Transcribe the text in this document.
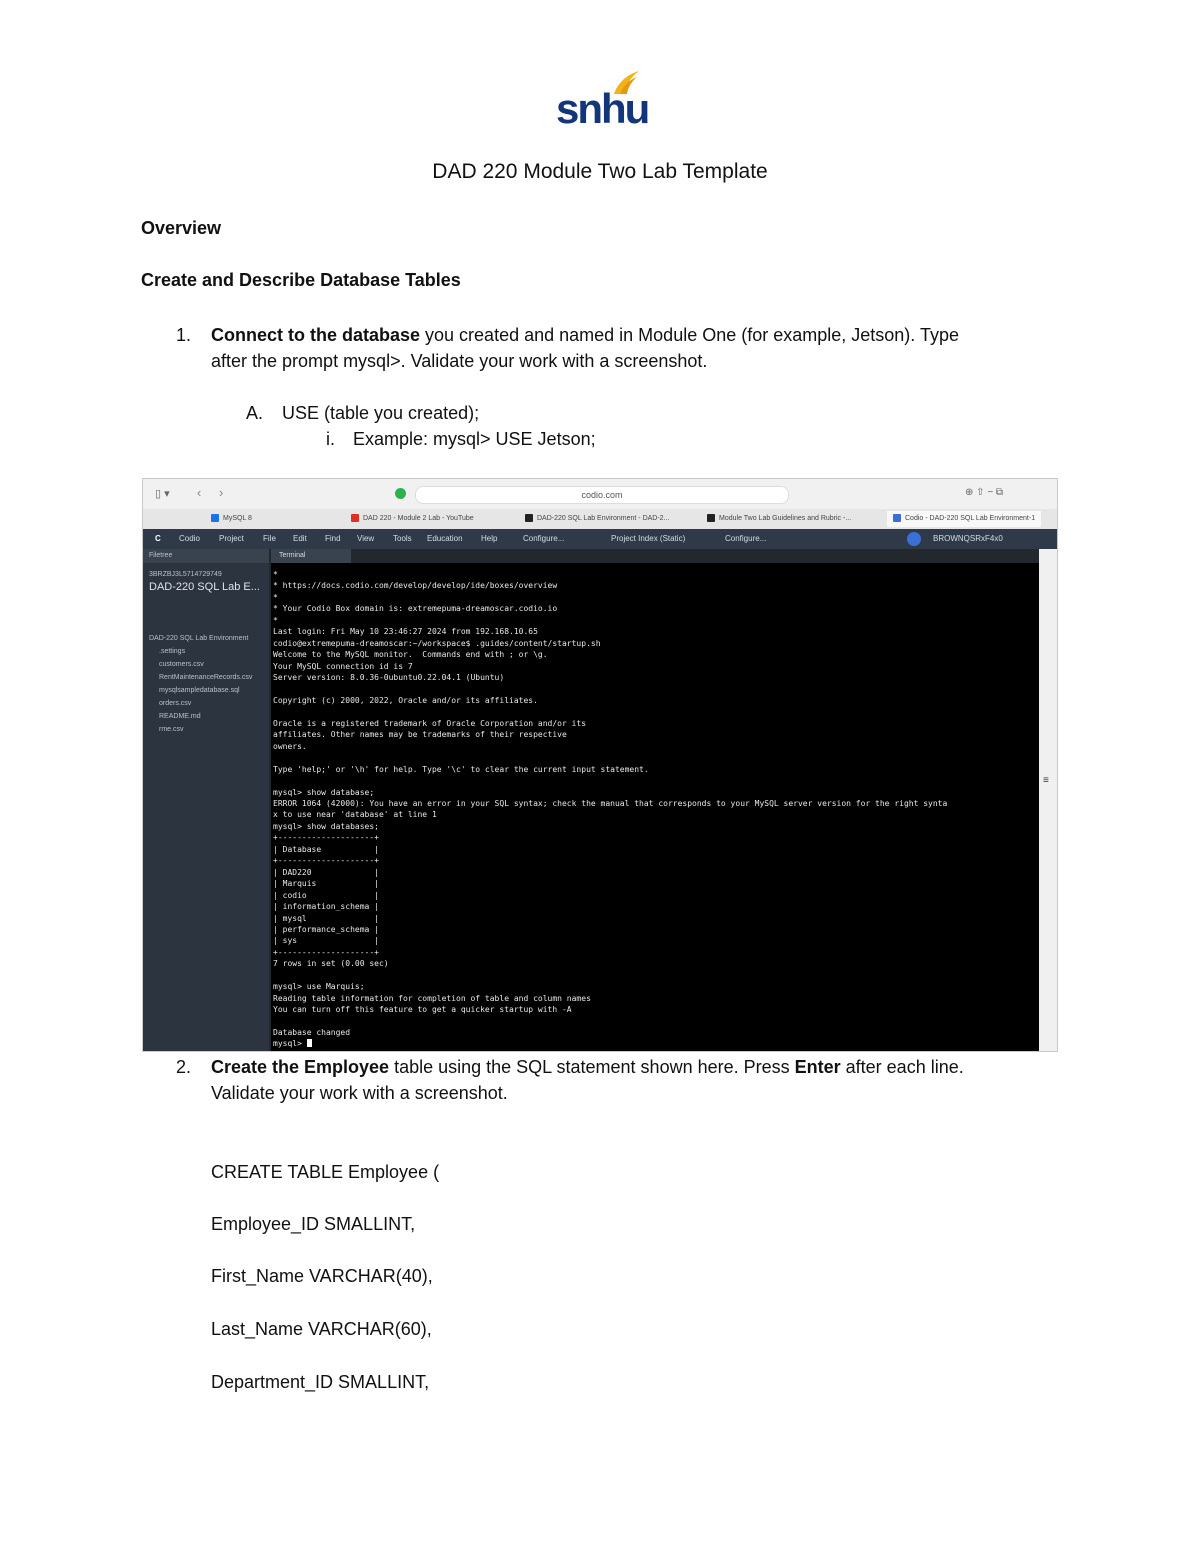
snhu
DAD 220 Module Two Lab Template
Overview
Create and Describe Database Tables
1. Connect to the database you created and named in Module One (for example, Jetson). Type
after the prompt mysql>. Validate your work with a screenshot.
A. USE (table you created);
i. Example: mysql> USE Jetson;
▯ ▾ ‹ ›	codio.com	⊕ ⇧ − ⧉
MySQL 8	DAD 220 - Module 2 Lab - YouTube	DAD-220 SQL Lab Environment - DAD-2...	Module Two Lab Guidelines and Rubric -...	Codio - DAD-220 SQL Lab Environment-1
C Codio Project File Edit Find View Tools Education Help	Configure...	Project Index (Static)	Configure...	BROWNQSRxF4x0
Filetree
3BRZBJ3L5714729749
DAD-220 SQL Lab E...
DAD-220 SQL Lab Environment
.settings
customers.csv
RentMaintenanceRecords.csv
mysqlsampledatabase.sql
orders.csv
README.md
rme.csv
Terminal
*
* https://docs.codio.com/develop/develop/ide/boxes/overview
*
* Your Codio Box domain is: extremepuma-dreamoscar.codio.io
*
Last login: Fri May 10 23:46:27 2024 from 192.168.10.65
codio@extremepuma-dreamoscar:~/workspace$ .guides/content/startup.sh
Welcome to the MySQL monitor.  Commands end with ; or \g.
Your MySQL connection id is 7
Server version: 8.0.36-0ubuntu0.22.04.1 (Ubuntu)
Copyright (c) 2000, 2022, Oracle and/or its affiliates.
Oracle is a registered trademark of Oracle Corporation and/or its
affiliates. Other names may be trademarks of their respective
owners.
Type 'help;' or '\h' for help. Type '\c' to clear the current input statement.
mysql> show database;
ERROR 1064 (42000): You have an error in your SQL syntax; check the manual that corresponds to your MySQL server version for the right synta
x to use near 'database' at line 1
mysql> show databases;
+--------------------+
| Database           |
+--------------------+
| DAD220             |
| Marquis            |
| codio              |
| information_schema |
| mysql              |
| performance_schema |
| sys                |
+--------------------+
7 rows in set (0.00 sec)
mysql> use Marquis;
Reading table information for completion of table and column names
You can turn off this feature to get a quicker startup with -A
Database changed
mysql>
≡
2. Create the Employee table using the SQL statement shown here. Press Enter after each line.
Validate your work with a screenshot.
CREATE TABLE Employee (
Employee_ID SMALLINT,
First_Name VARCHAR(40),
Last_Name VARCHAR(60),
Department_ID SMALLINT,
